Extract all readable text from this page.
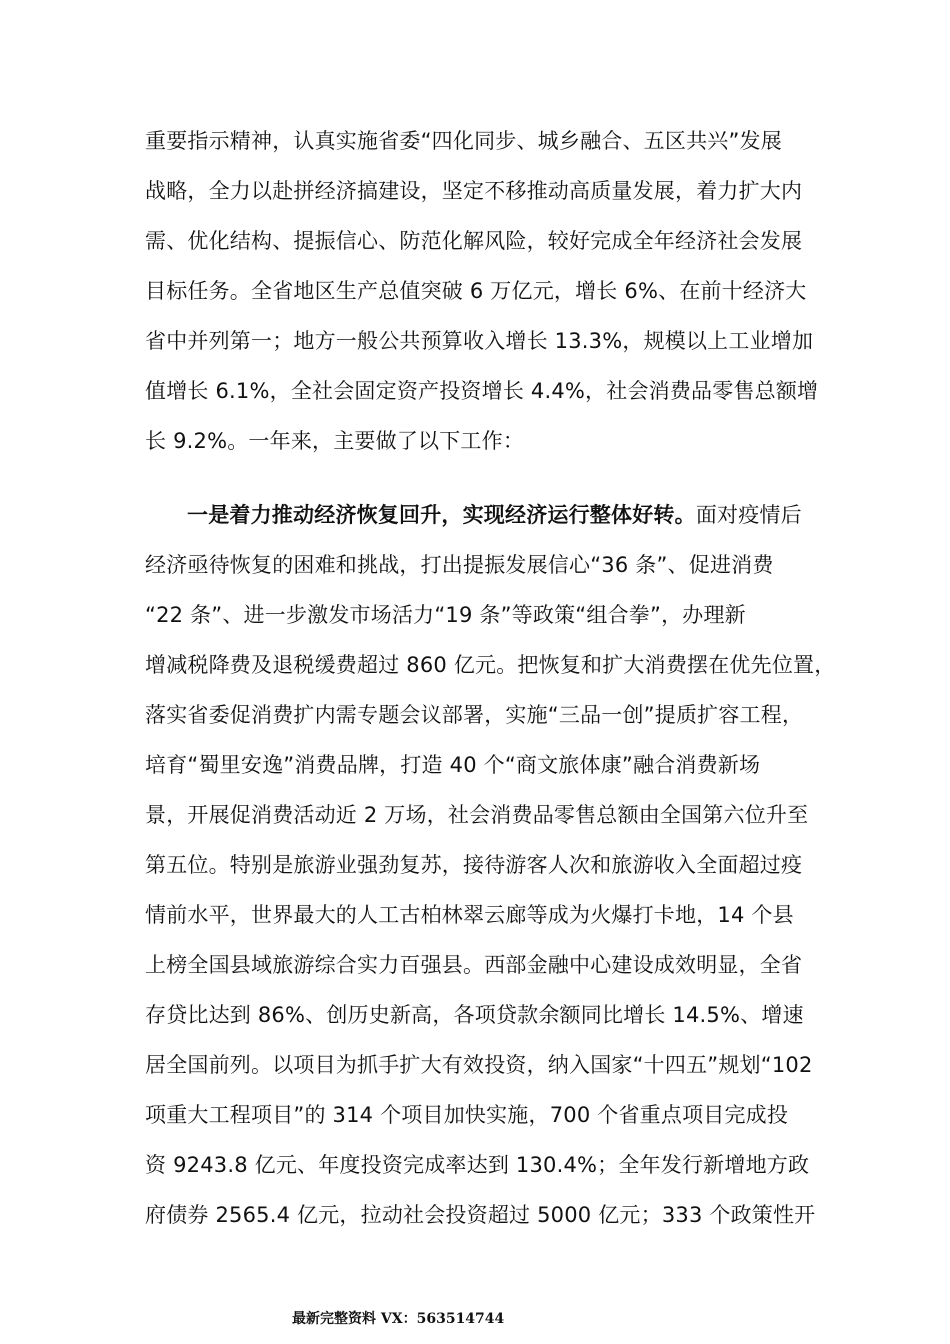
重要指示精神，认真实施省委“四化同步、城乡融合、五区共兴”发展
战略，全力以赴拼经济搞建设，坚定不移推动高质量发展，着力扩大内
需、优化结构、提振信心、防范化解风险，较好完成全年经济社会发展
目标任务。全省地区生产总值突破 6 万亿元，增长 6%、在前十经济大
省中并列第一；地方一般公共预算收入增长 13.3%，规模以上工业增加
值增长 6.1%，全社会固定资产投资增长 4.4%，社会消费品零售总额增
长 9.2%。一年来，主要做了以下工作：
一是着力推动经济恢复回升，实现经济运行整体好转。面对疫情后
经济亟待恢复的困难和挑战，打出提振发展信心“36 条”、促进消费
“22 条”、进一步激发市场活力“19 条”等政策“组合拳”，办理新
增减税降费及退税缓费超过 860 亿元。把恢复和扩大消费摆在优先位置，
落实省委促消费扩内需专题会议部署，实施“三品一创”提质扩容工程，
培育“蜀里安逸”消费品牌，打造 40 个“商文旅体康”融合消费新场
景，开展促消费活动近 2 万场，社会消费品零售总额由全国第六位升至
第五位。特别是旅游业强劲复苏，接待游客人次和旅游收入全面超过疫
情前水平，世界最大的人工古柏林翠云廊等成为火爆打卡地，14 个县
上榜全国县域旅游综合实力百强县。西部金融中心建设成效明显，全省
存贷比达到 86%、创历史新高，各项贷款余额同比增长 14.5%、增速
居全国前列。以项目为抓手扩大有效投资，纳入国家“十四五”规划“102
项重大工程项目”的 314 个项目加快实施，700 个省重点项目完成投
资 9243.8 亿元、年度投资完成率达到 130.4%；全年发行新增地方政
府债券 2565.4 亿元，拉动社会投资超过 5000 亿元；333 个政策性开
最新完整资料 VX：563514744
